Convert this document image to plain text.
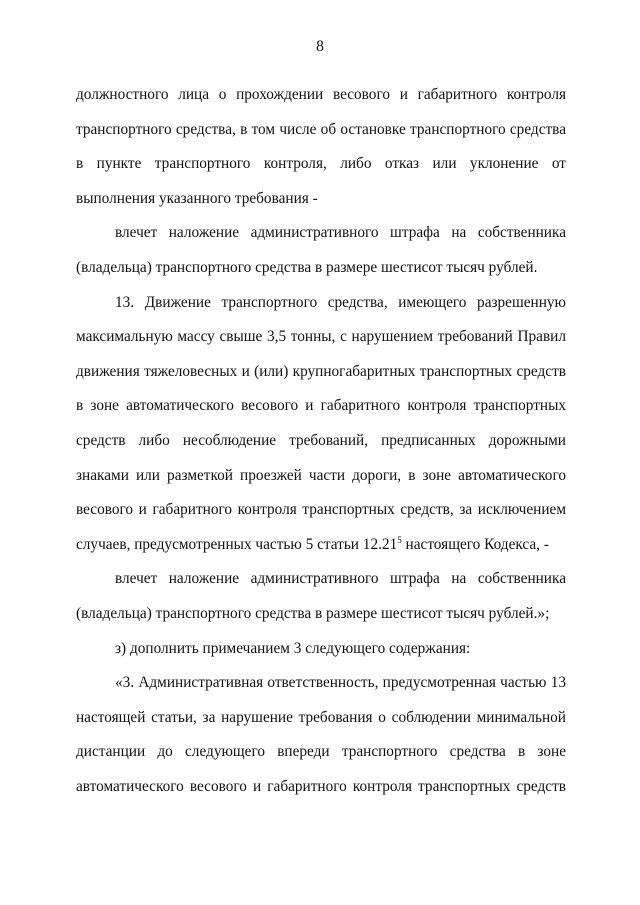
8

должностного лица о прохождении весового и габаритного контроля
транспортного средства, в том числе об остановке транспортного средства
в пункте транспортного контроля, либо отказ или уклонение от
выполнения указанного требования -

влечет наложение административного штрафа на собственника
(владельца) транспортного средства в размере шестисот тысяч рублей.

13. Движение транспортного средства, имеющего разрешенную
максимальную массу свыше 3,5 тонны, с нарушением требований Правил
движения тяжеловесных и (или) крупногабаритных транспортных средств
в зоне автоматического весового и габаритного контроля транспортных
средств либо несоблюдение требований, предписанных дорожными
знаками или разметкой проезжей части дороги, в зоне автоматического
весового и габаритного контроля транспортных средств, за исключением
случаев, предусмотренных частью 5 статьи 12.21$^5$ настоящего Кодекса, -

влечет наложение административного штрафа на собственника
(владельца) транспортного средства в размере шестисот тысяч рублей.»;

з) дополнить примечанием 3 следующего содержания:

«3. Административная ответственность, предусмотренная частью 13
настоящей статьи, за нарушение требования о соблюдении минимальной
дистанции до следующего впереди транспортного средства в зоне
автоматического весового и габаритного контроля транспортных средств
